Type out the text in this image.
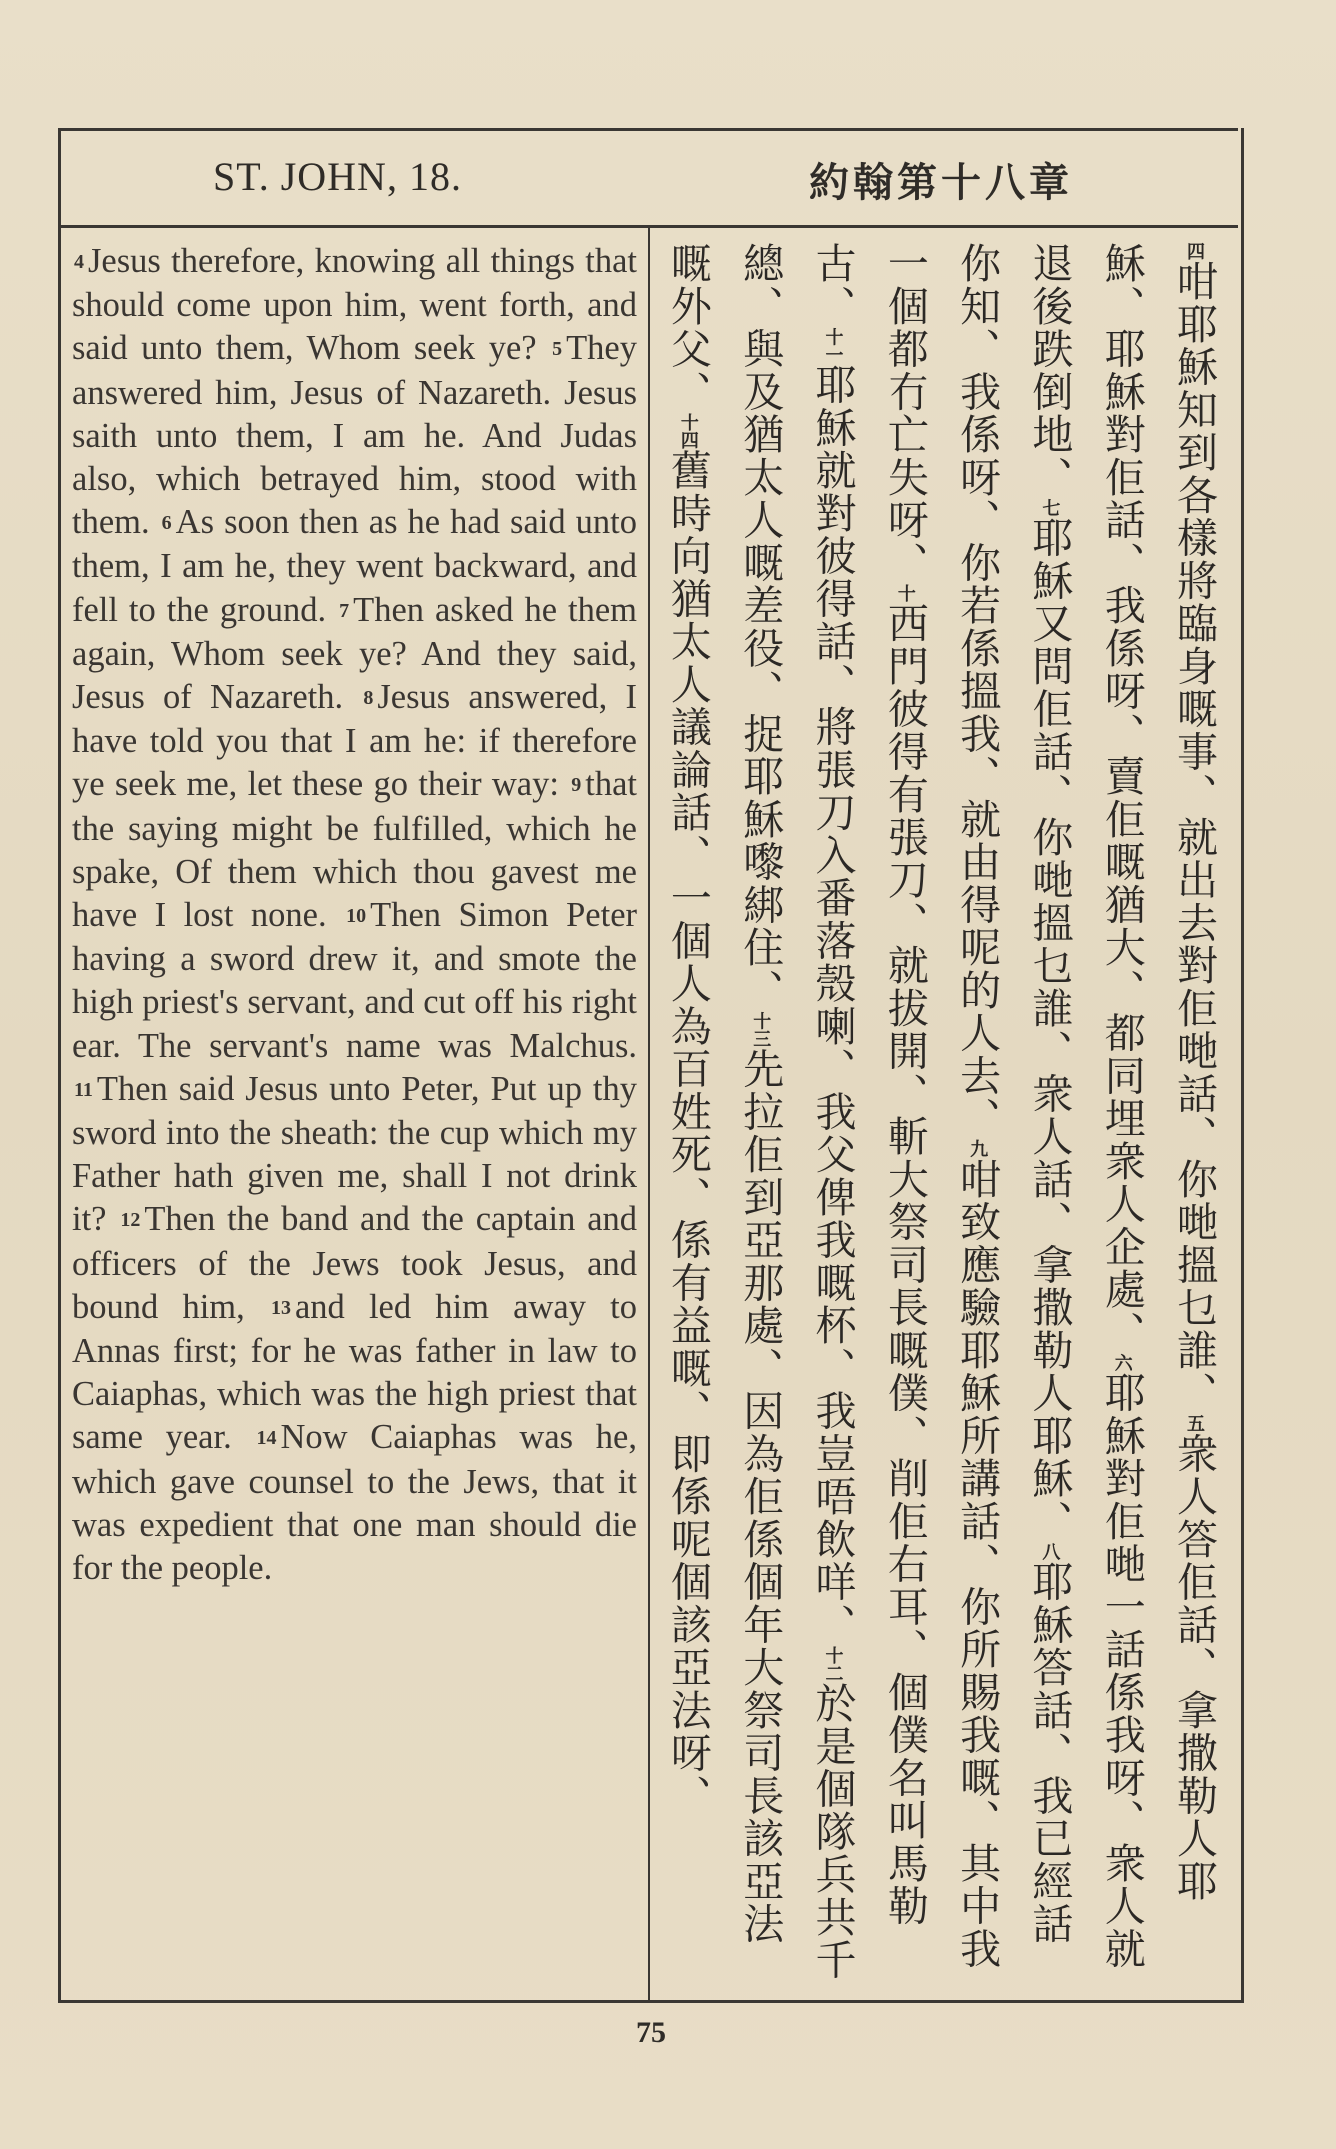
ST. JOHN, 18.	約翰第十八章
4 Jesus therefore, knowing all things that should come upon him, went forth, and said unto them, Whom seek ye? 5 They answered him, Jesus of Nazareth. Jesus saith unto them, I am he. And Judas also, which betrayed him, stood with them. 6 As soon then as he had said unto them, I am he, they went backward, and fell to the ground. 7 Then asked he them again, Whom seek ye? And they said, Jesus of Nazareth. 8 Jesus answered, I have told you that I am he: if therefore ye seek me, let these go their way: 9 that the saying might be fulfilled, which he spake, Of them which thou gavest me have I lost none. 10 Then Simon Peter having a sword drew it, and smote the high priest's servant, and cut off his right ear. The servant's name was Malchus. 11 Then said Jesus unto Peter, Put up thy sword into the sheath: the cup which my Father hath given me, shall I not drink it? 12 Then the band and the captain and officers of the Jews took Jesus, and bound him, 13 and led him away to Annas first; for he was father in law to Caiaphas, which was the high priest that same year. 14 Now Caiaphas was he, which gave counsel to the Jews, that it was expedient that one man should die for the people.
四咁耶穌知到各樣將臨身嘅事、就出去對佢哋話、你哋搵乜誰、五衆人答佢話、拿撒勒人耶穌、耶穌對佢話、我係呀、賣佢嘅猶大、都同埋衆人企處、六耶穌對佢哋一話係我呀、衆人就退後跌倒地、七耶穌又問佢話、你哋搵乜誰、衆人話、拿撒勒人耶穌、八耶穌答話、我已經話你知、我係呀、你若係搵我、就由得呢的人去、九咁致應驗耶穌所講話、你所賜我嘅、其中我一個都冇亡失呀、十西門彼得有張刀、就拔開、斬大祭司長嘅僕、削佢右耳、個僕名叫馬勒古、十一耶穌就對彼得話、將張刀入番落殼喇、我父俾我嘅杯、我豈唔飲咩、十二於是個隊兵共千總、與及猶太人嘅差役、捉耶穌嚟綁住、十三先拉佢到亞那處、因為佢係個年大祭司長該亞法嘅外父、十四舊時向猶太人議論話、一個人為百姓死、係有益嘅、即係呢個該亞法呀、
75
